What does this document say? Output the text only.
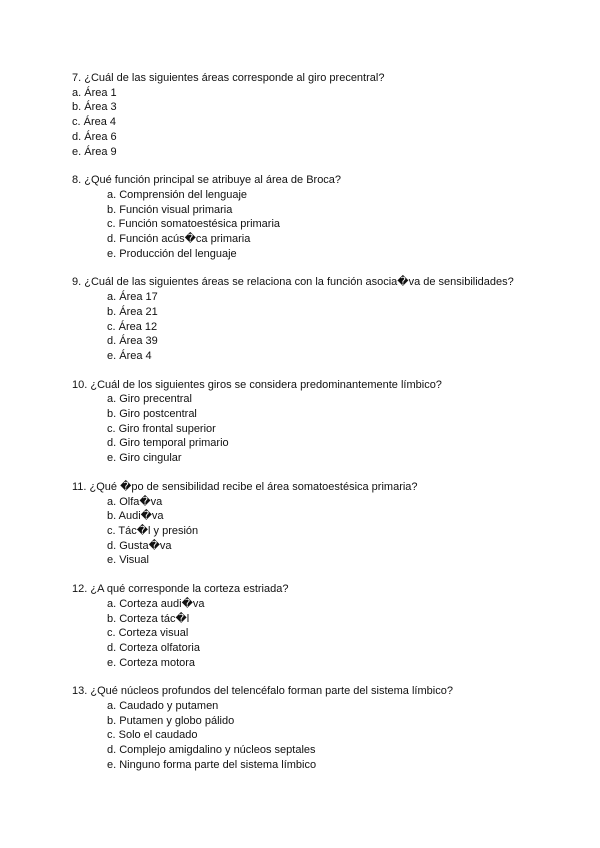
7. ¿Cuál de las siguientes áreas corresponde al giro precentral?
a. Área 1
b. Área 3
c. Área 4
d. Área 6
e. Área 9
8. ¿Qué función principal se atribuye al área de Broca?
a. Comprensión del lenguaje
b. Función visual primaria
c. Función somatoestésica primaria
d. Función acús�ca primaria
e. Producción del lenguaje
9. ¿Cuál de las siguientes áreas se relaciona con la función asocia�va de sensibilidades?
a. Área 17
b. Área 21
c. Área 12
d. Área 39
e. Área 4
10. ¿Cuál de los siguientes giros se considera predominantemente límbico?
a. Giro precentral
b. Giro postcentral
c. Giro frontal superior
d. Giro temporal primario
e. Giro cingular
11. ¿Qué �po de sensibilidad recibe el área somatoestésica primaria?
a. Olfa�va
b. Audi�va
c. Tác�l y presión
d. Gusta�va
e. Visual
12. ¿A qué corresponde la corteza estriada?
a. Corteza audi�va
b. Corteza tác�l
c. Corteza visual
d. Corteza olfatoria
e. Corteza motora
13. ¿Qué núcleos profundos del telencéfalo forman parte del sistema límbico?
a. Caudado y putamen
b. Putamen y globo pálido
c. Solo el caudado
d. Complejo amigdalino y núcleos septales
e. Ninguno forma parte del sistema límbico
